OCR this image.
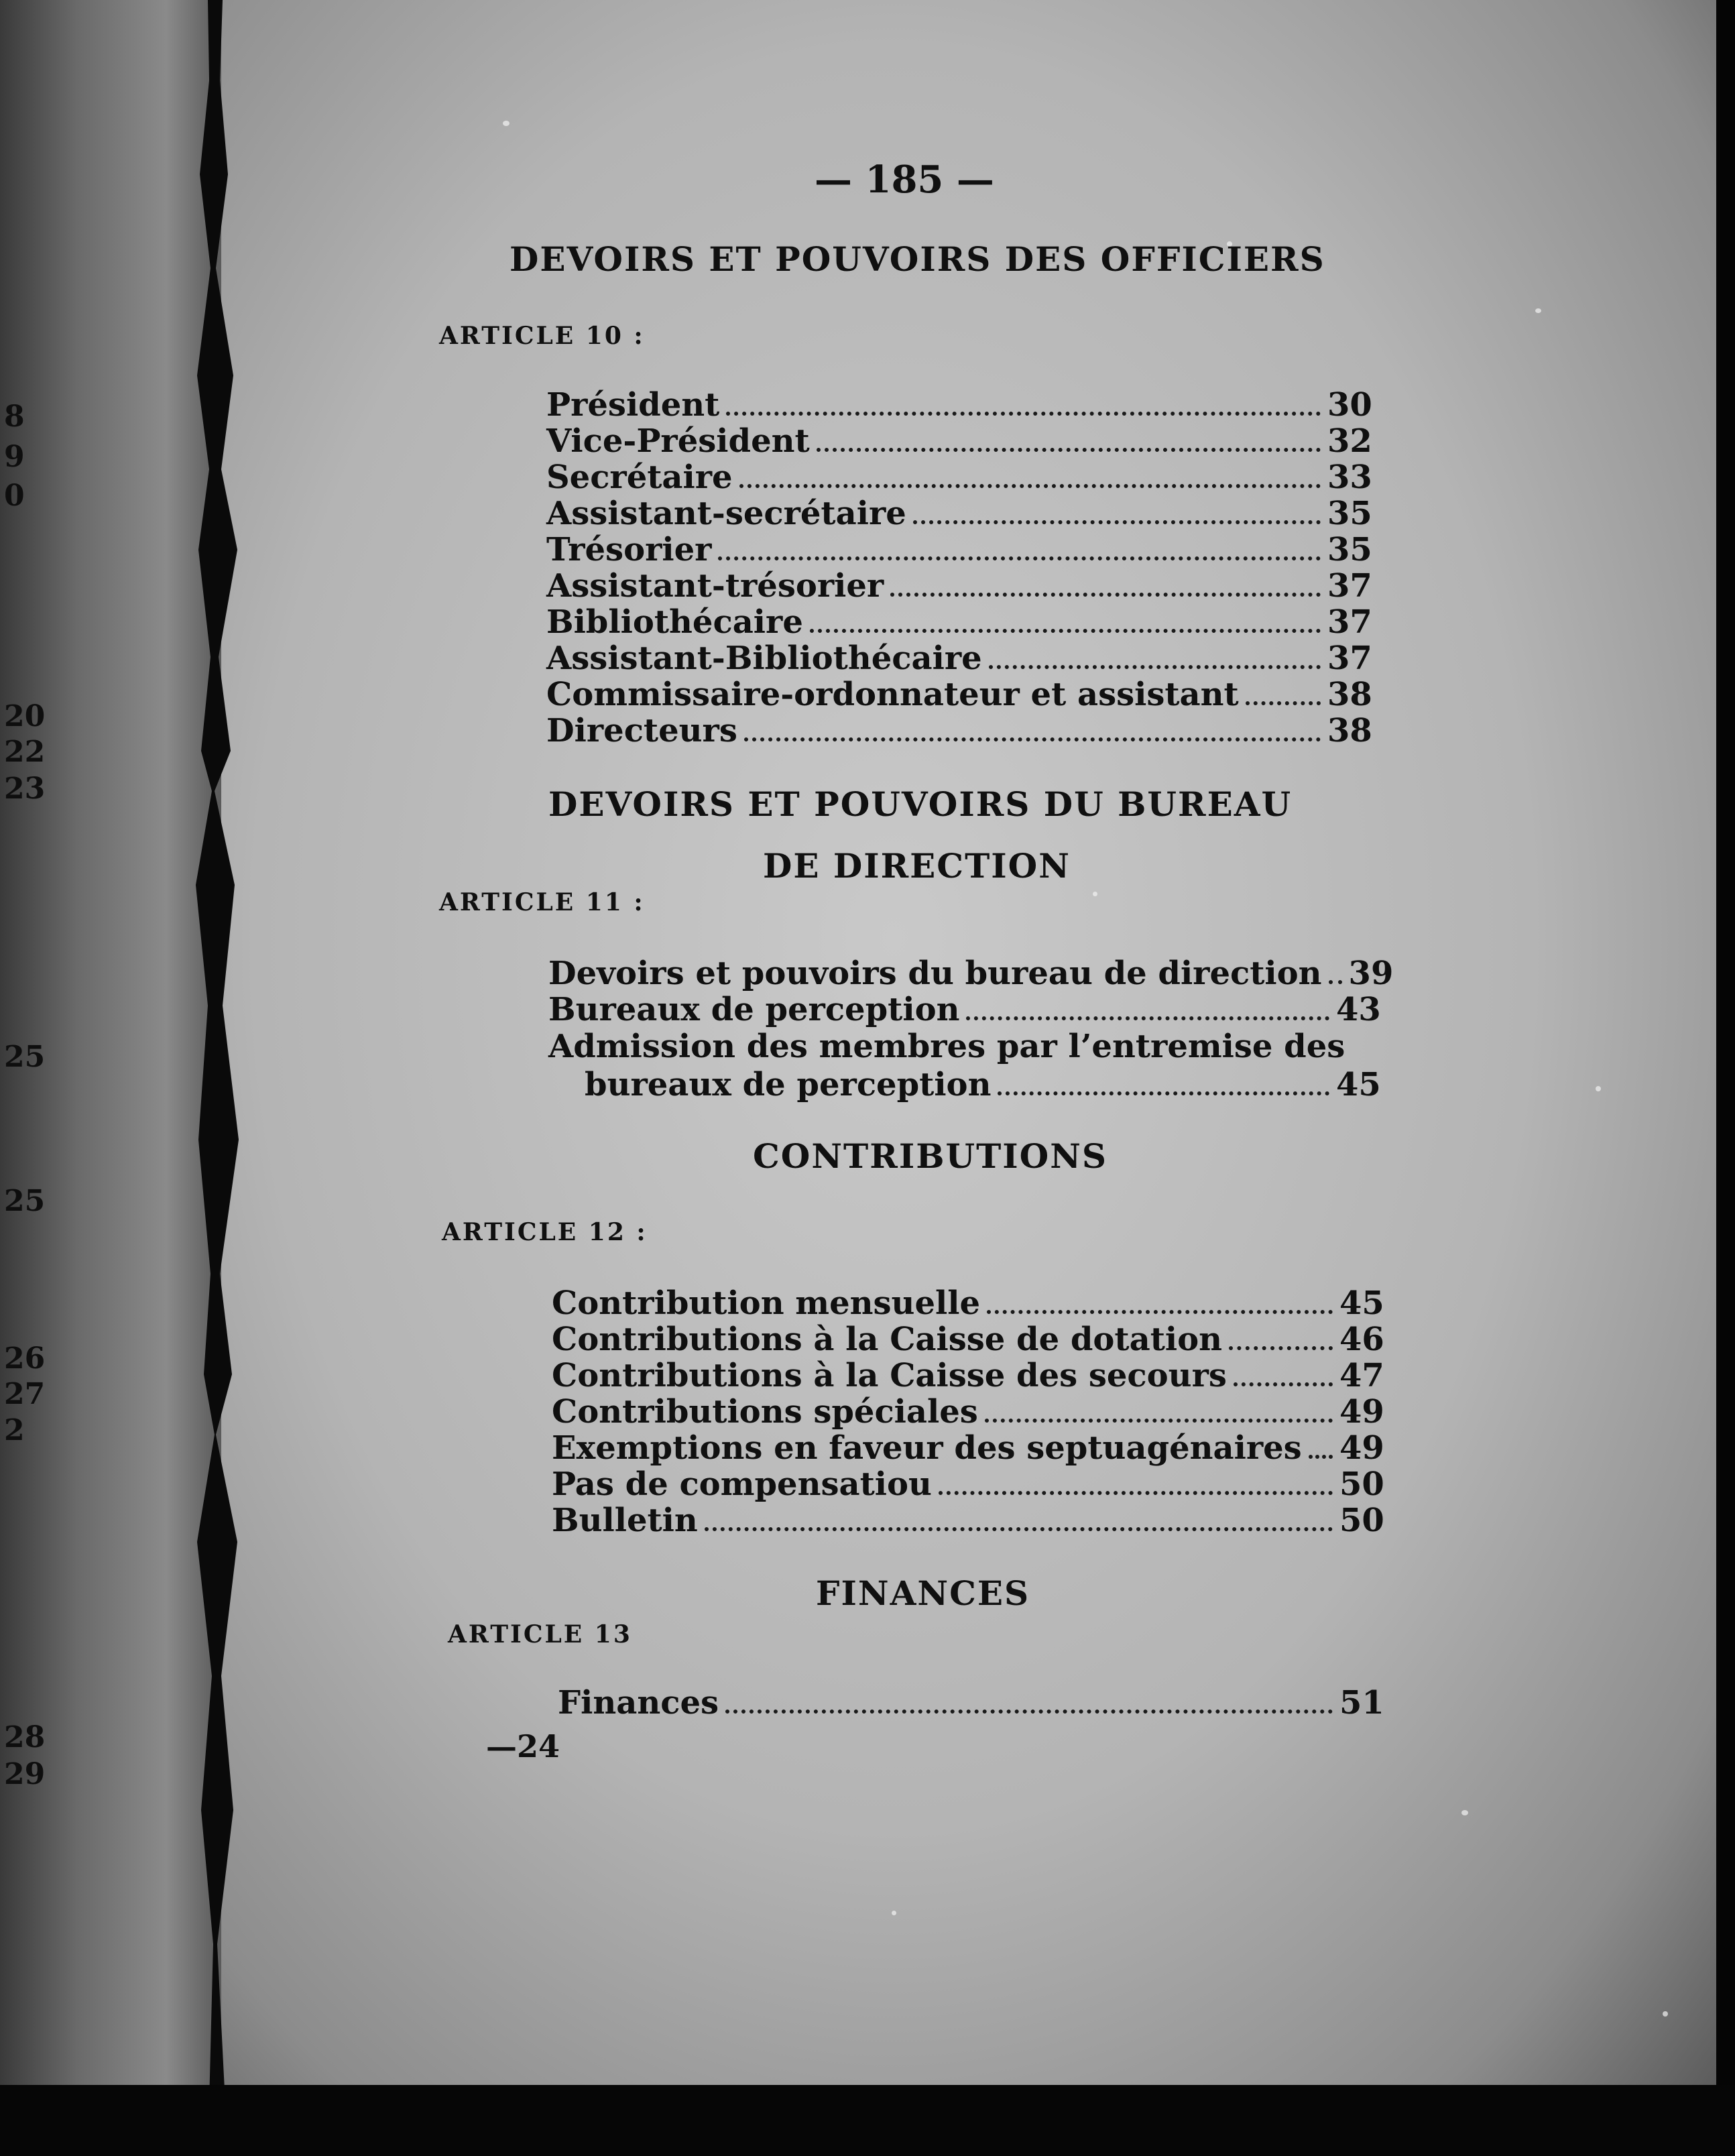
8
9
0
20
22
23
25
25
26
27
2
28
29
— 185 —
DEVOIRS ET POUVOIRS DES OFFICIERS
ARTICLE 10 :
Président	30
Vice-Président	32
Secrétaire	33
Assistant-secrétaire	35
Trésorier	35
Assistant-trésorier	37
Bibliothécaire	37
Assistant-Bibliothécaire	37
Commissaire-ordonnateur et assistant	38
Directeurs	38
DEVOIRS ET POUVOIRS DU BUREAU
DE DIRECTION
ARTICLE 11 :
Devoirs et pouvoirs du bureau de direction 39
Bureaux de perception	43
Admission des membres par l’entremise des
bureaux de perception	45
CONTRIBUTIONS
ARTICLE 12 :
Contribution mensuelle	45
Contributions à la Caisse de dotation	46
Contributions à la Caisse des secours	47
Contributions spéciales	49
Exemptions en faveur des septuagénaires 49
Pas de compensatiou	50
Bulletin	50
FINANCES
ARTICLE 13
Finances	51
—24
